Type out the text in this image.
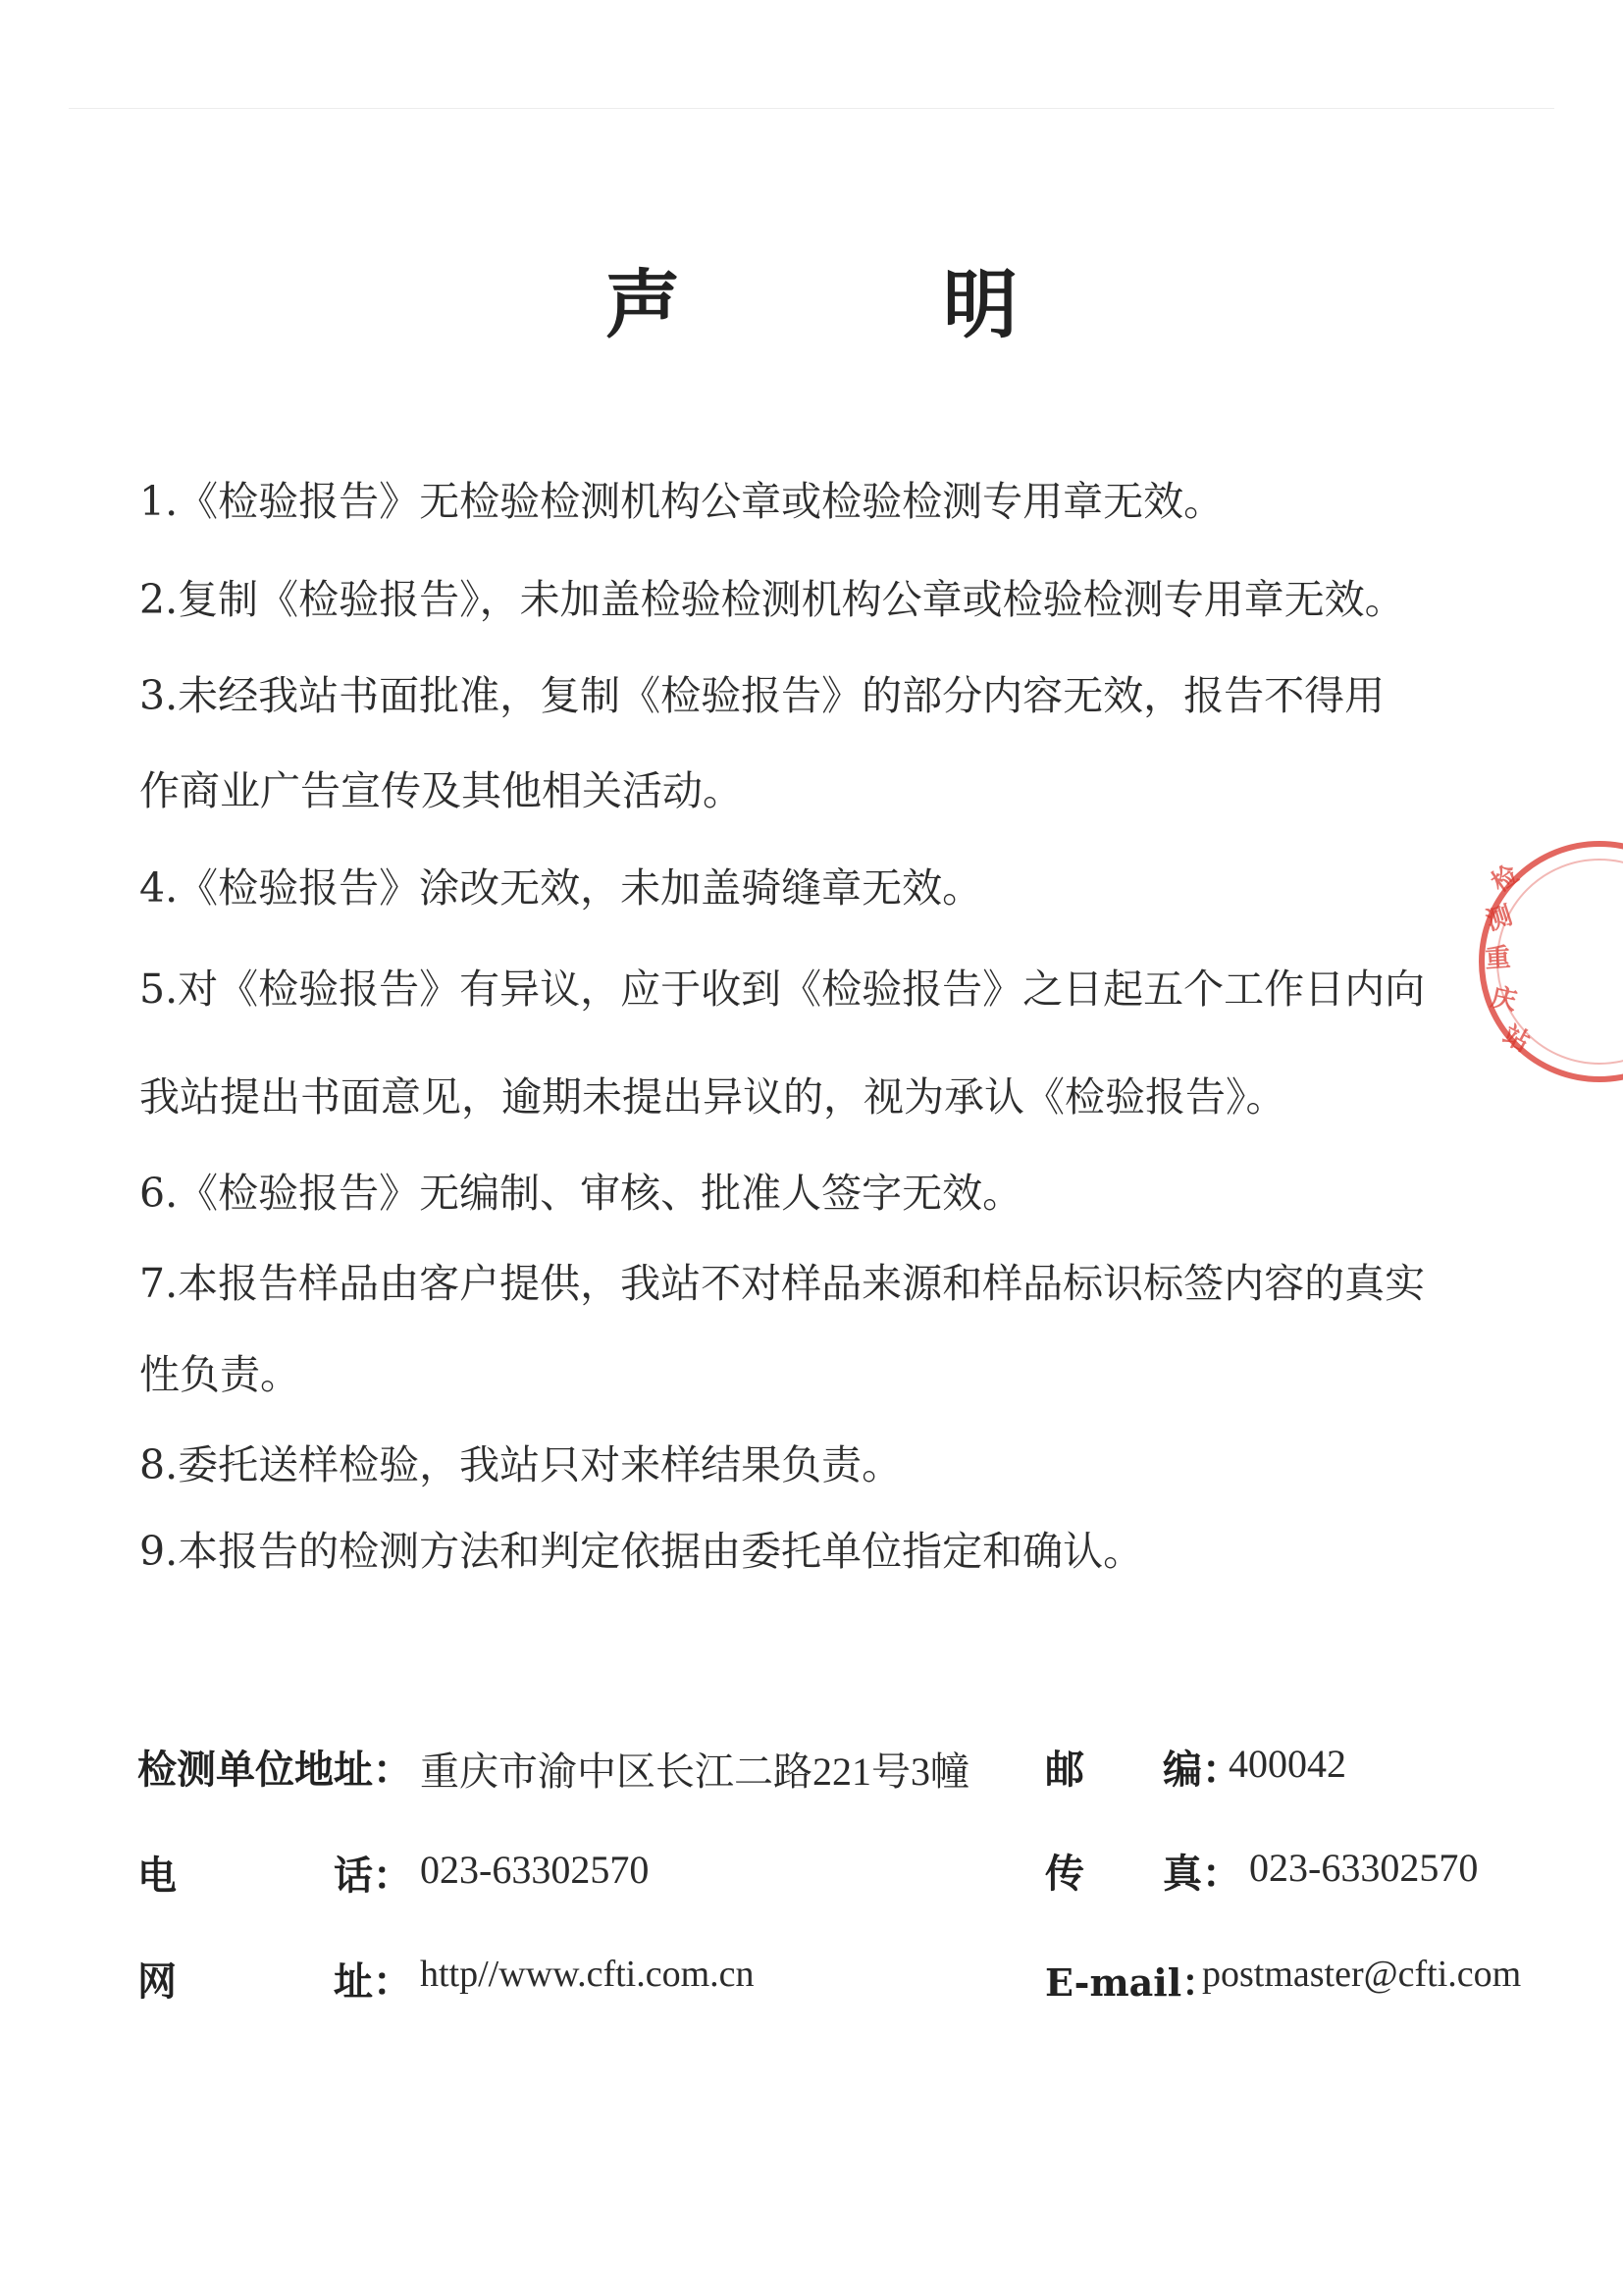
声　明
1.《检验报告》无检验检测机构公章或检验检测专用章无效。
2.复制《检验报告》，未加盖检验检测机构公章或检验检测专用章无效。
3.未经我站书面批准，复制《检验报告》的部分内容无效，报告不得用
作商业广告宣传及其他相关活动。
4.《检验报告》涂改无效，未加盖骑缝章无效。
5.对《检验报告》有异议，应于收到《检验报告》之日起五个工作日内向
我站提出书面意见，逾期未提出异议的，视为承认《检验报告》。
6.《检验报告》无编制、审核、批准人签字无效。
7.本报告样品由客户提供，我站不对样品来源和样品标识标签内容的真实
性负责。
8.委托送样检验，我站只对来样结果负责。
9.本报告的检测方法和判定依据由委托单位指定和确认。
检测单位地址： 重庆市渝中区长江二路221号3幢 邮　　编：
400042
电　　　　话： 023-63302570	传　　真： 023-63302570
网　　　　址： http//www.cfti.com.cn	E-mail：
postmaster@cfti.com
检
测
重
庆
站
